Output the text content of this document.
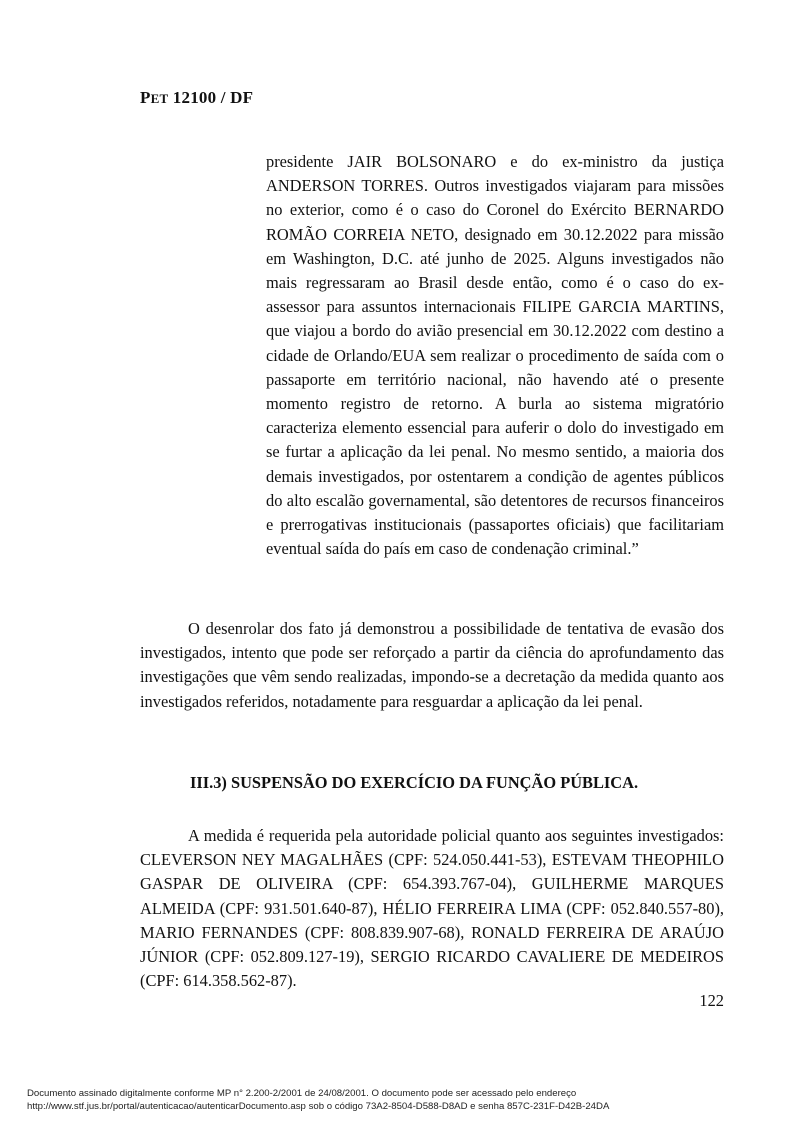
PET 12100 / DF
presidente JAIR BOLSONARO e do ex-ministro da justiça ANDERSON TORRES. Outros investigados viajaram para missões no exterior, como é o caso do Coronel do Exército BERNARDO ROMÃO CORREIA NETO, designado em 30.12.2022 para missão em Washington, D.C. até junho de 2025. Alguns investigados não mais regressaram ao Brasil desde então, como é o caso do ex-assessor para assuntos internacionais FILIPE GARCIA MARTINS, que viajou a bordo do avião presencial em 30.12.2022 com destino a cidade de Orlando/EUA sem realizar o procedimento de saída com o passaporte em território nacional, não havendo até o presente momento registro de retorno. A burla ao sistema migratório caracteriza elemento essencial para auferir o dolo do investigado em se furtar a aplicação da lei penal. No mesmo sentido, a maioria dos demais investigados, por ostentarem a condição de agentes públicos do alto escalão governamental, são detentores de recursos financeiros e prerrogativas institucionais (passaportes oficiais) que facilitariam eventual saída do país em caso de condenação criminal.”
O desenrolar dos fato já demonstrou a possibilidade de tentativa de evasão dos investigados, intento que pode ser reforçado a partir da ciência do aprofundamento das investigações que vêm sendo realizadas, impondo-se a decretação da medida quanto aos investigados referidos, notadamente para resguardar a aplicação da lei penal.
III.3) SUSPENSÃO DO EXERCÍCIO DA FUNÇÃO PÚBLICA.
A medida é requerida pela autoridade policial quanto aos seguintes investigados: CLEVERSON NEY MAGALHÃES (CPF: 524.050.441-53), ESTEVAM THEOPHILO GASPAR DE OLIVEIRA (CPF: 654.393.767-04), GUILHERME MARQUES ALMEIDA (CPF: 931.501.640-87), HÉLIO FERREIRA LIMA (CPF: 052.840.557-80), MARIO FERNANDES (CPF: 808.839.907-68), RONALD FERREIRA DE ARAÚJO JÚNIOR (CPF: 052.809.127-19), SERGIO RICARDO CAVALIERE DE MEDEIROS (CPF: 614.358.562-87).
122
Documento assinado digitalmente conforme MP n° 2.200-2/2001 de 24/08/2001. O documento pode ser acessado pelo endereço
http://www.stf.jus.br/portal/autenticacao/autenticarDocumento.asp sob o código 73A2-8504-D588-D8AD e senha 857C-231F-D42B-24DA
